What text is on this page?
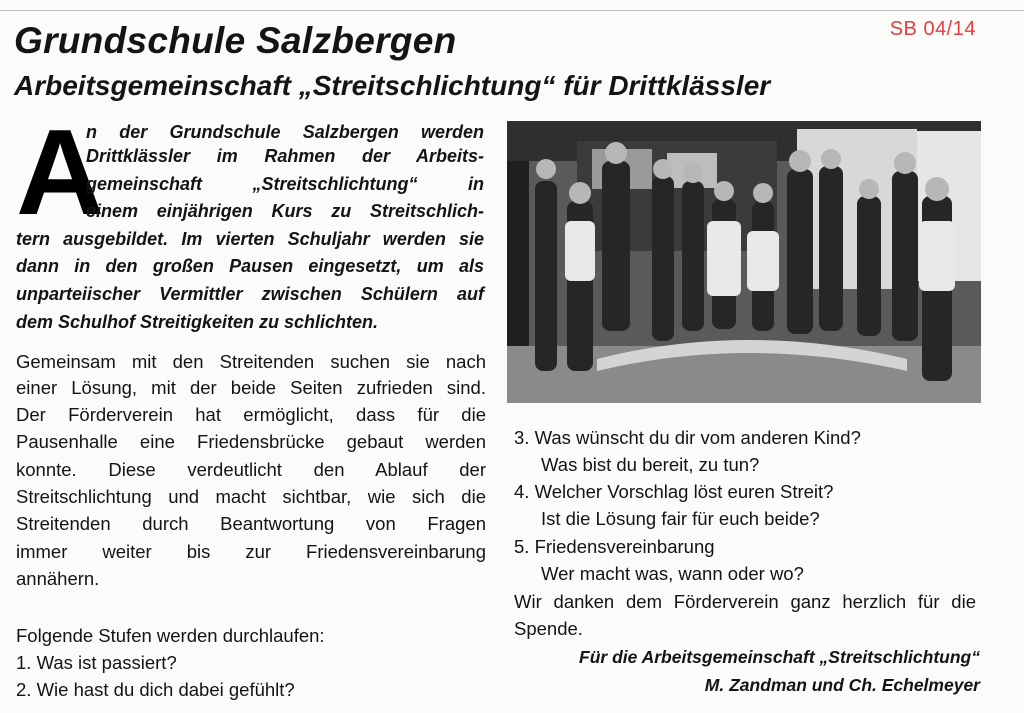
SB 04/14
Grundschule Salzbergen
Arbeitsgemeinschaft „Streitschlichtung“ für Drittklässler
A
n der Grundschule Salzbergen werden
Drittklässler im Rahmen der Arbeits-
gemeinschaft „Streitschlichtung“ in
einem einjährigen Kurs zu Streitschlich-
tern ausgebildet. Im vierten Schuljahr werden sie
dann in den großen Pausen eingesetzt, um als
unparteiischer Vermittler zwischen Schülern auf
dem Schulhof Streitigkeiten zu schlichten.
Gemeinsam mit den Streitenden suchen sie nach
einer Lösung, mit der beide Seiten zufrieden sind.
Der Förderverein hat ermöglicht, dass für die
Pausenhalle eine Friedensbrücke gebaut werden
konnte. Diese verdeutlicht den Ablauf der
Streitschlichtung und macht sichtbar, wie sich die
Streitenden durch Beantwortung von Fragen
immer weiter bis zur Friedensvereinbarung
annähern.
Folgende Stufen werden durchlaufen:
1. Was ist passiert?
2. Wie hast du dich dabei gefühlt?
3. Was wünscht du dir vom anderen Kind?
Was bist du bereit, zu tun?
4. Welcher Vorschlag löst euren Streit?
Ist die Lösung fair für euch beide?
5. Friedensvereinbarung
Wer macht was, wann oder wo?
Wir danken dem Förderverein ganz herzlich für die
Spende.
Für die Arbeitsgemeinschaft „Streitschlichtung“
M. Zandman und Ch. Echelmeyer
